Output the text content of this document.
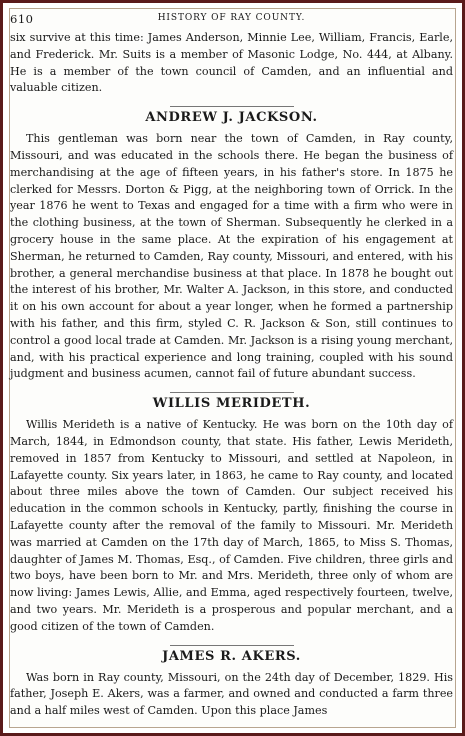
610	HISTORY OF RAY COUNTY.

six survive at this time: James Anderson, Minnie Lee, William, Francis, Earle, and Frederick. Mr. Suits is a member of Masonic Lodge, No. 444, at Albany. He is a member of the town council of Camden, and an influential and valuable citizen.

ANDREW J. JACKSON.

This gentleman was born near the town of Camden, in Ray county, Missouri, and was educated in the schools there. He began the business of merchandising at the age of fifteen years, in his father's store. In 1875 he clerked for Messrs. Dorton & Pigg, at the neighboring town of Orrick. In the year 1876 he went to Texas and engaged for a time with a firm who were in the clothing business, at the town of Sherman. Subsequently he clerked in a grocery house in the same place. At the expiration of his engagement at Sherman, he returned to Camden, Ray county, Missouri, and entered, with his brother, a general merchandise business at that place. In 1878 he bought out the interest of his brother, Mr. Walter A. Jackson, in this store, and conducted it on his own account for about a year longer, when he formed a partnership with his father, and this firm, styled C. R. Jackson & Son, still continues to control a good local trade at Camden. Mr. Jackson is a rising young merchant, and, with his practical experience and long training, coupled with his sound judgment and business acumen, cannot fail of future abundant success.

WILLIS MERIDETH.

Willis Merideth is a native of Kentucky. He was born on the 10th day of March, 1844, in Edmondson county, that state. His father, Lewis Merideth, removed in 1857 from Kentucky to Missouri, and settled at Napoleon, in Lafayette county. Six years later, in 1863, he came to Ray county, and located about three miles above the town of Camden. Our subject received his education in the common schools in Kentucky, partly, finishing the course in Lafayette county after the removal of the family to Missouri. Mr. Merideth was married at Camden on the 17th day of March, 1865, to Miss S. Thomas, daughter of James M. Thomas, Esq., of Camden. Five children, three girls and two boys, have been born to Mr. and Mrs. Merideth, three only of whom are now living: James Lewis, Allie, and Emma, aged respectively fourteen, twelve, and two years. Mr. Merideth is a prosperous and popular merchant, and a good citizen of the town of Camden.

JAMES R. AKERS.

Was born in Ray county, Missouri, on the 24th day of December, 1829. His father, Joseph E. Akers, was a farmer, and owned and conducted a farm three and a half miles west of Camden. Upon this place James
